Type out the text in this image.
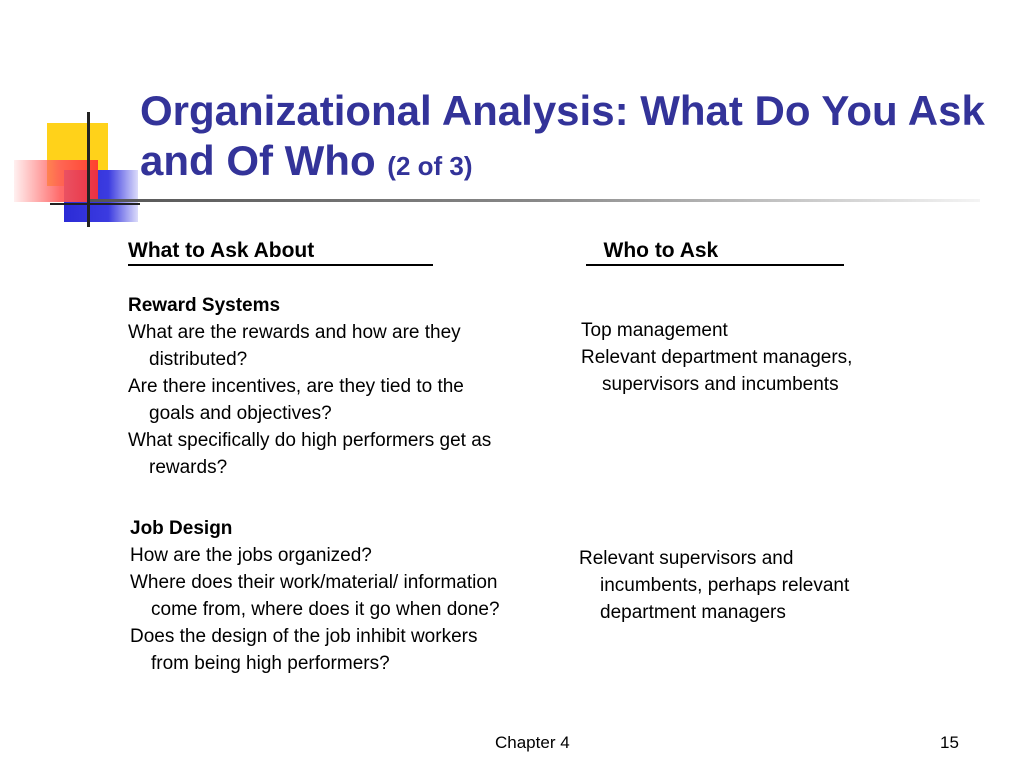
Organizational Analysis: What Do You Ask and Of Who (2 of 3)
What to Ask About	Who to Ask
Reward Systems
What are the rewards and how are they distributed?
Are there incentives, are they tied to the goals and objectives?
What specifically do high performers get as rewards?
Top management
Relevant department managers, supervisors and incumbents
Job Design
How are the jobs organized?
Where does their work/material/ information come from, where does it go when done?
Does the design of the job inhibit workers from being high performers?
Relevant supervisors and incumbents, perhaps relevant department managers
Chapter 4	15
